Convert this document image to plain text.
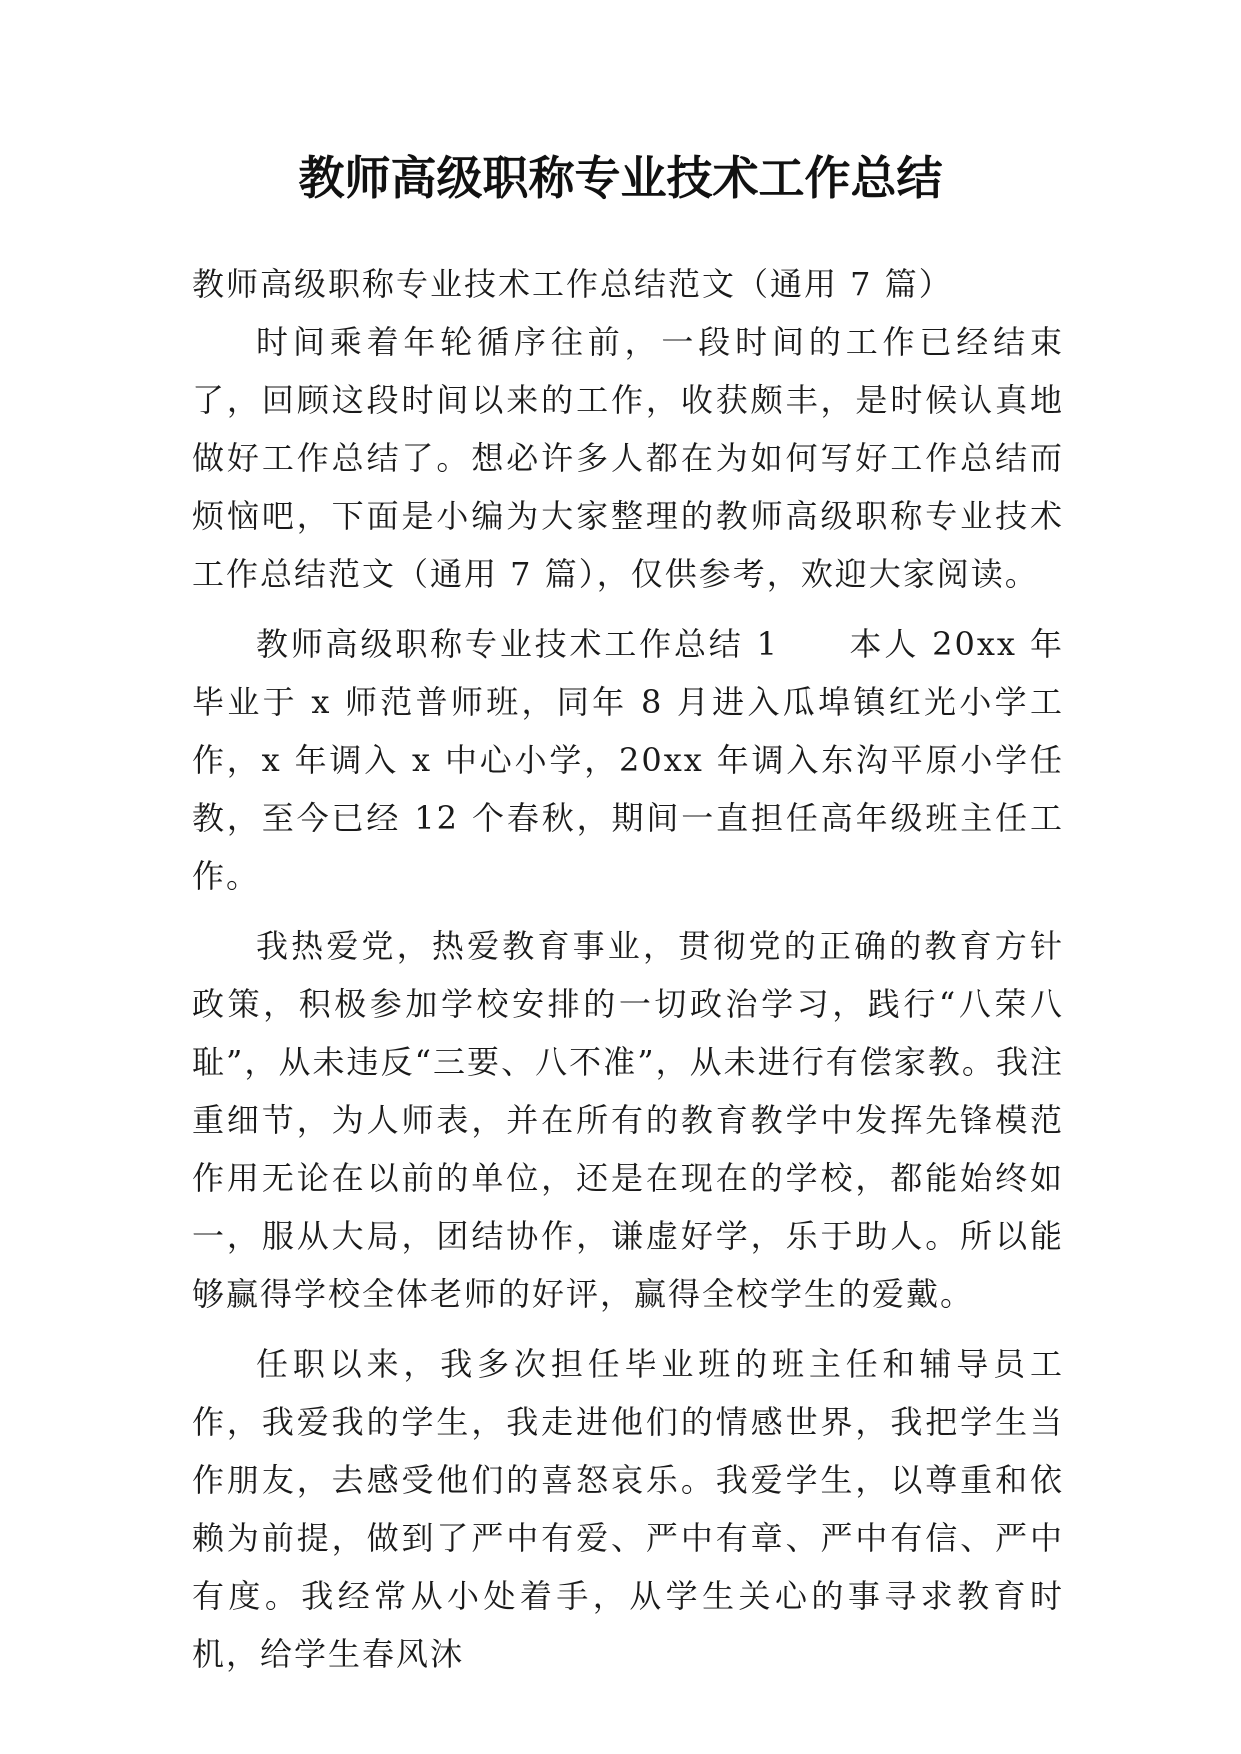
教师高级职称专业技术工作总结

教师高级职称专业技术工作总结范文（通用 7 篇）

时间乘着年轮循序往前，一段时间的工作已经结束了，回顾这段时间以来的工作，收获颇丰，是时候认真地做好工作总结了。想必许多人都在为如何写好工作总结而烦恼吧，下面是小编为大家整理的教师高级职称专业技术工作总结范文（通用 7 篇），仅供参考，欢迎大家阅读。

教师高级职称专业技术工作总结 1　　本人 20xx 年毕业于 x 师范普师班，同年 8 月进入瓜埠镇红光小学工作，x 年调入 x 中心小学，20xx 年调入东沟平原小学任教，至今已经 12 个春秋，期间一直担任高年级班主任工作。

我热爱党，热爱教育事业，贯彻党的正确的教育方针政策，积极参加学校安排的一切政治学习，践行“八荣八耻”，从未违反“三要、八不准”，从未进行有偿家教。我注重细节，为人师表，并在所有的教育教学中发挥先锋模范作用无论在以前的单位，还是在现在的学校，都能始终如一，服从大局，团结协作，谦虚好学，乐于助人。所以能够赢得学校全体老师的好评，赢得全校学生的爱戴。

任职以来，我多次担任毕业班的班主任和辅导员工作，我爱我的学生，我走进他们的情感世界，我把学生当作朋友，去感受他们的喜怒哀乐。我爱学生，以尊重和依赖为前提，做到了严中有爱、严中有章、严中有信、严中有度。我经常从小处着手，从学生关心的事寻求教育时机，给学生春风沐
